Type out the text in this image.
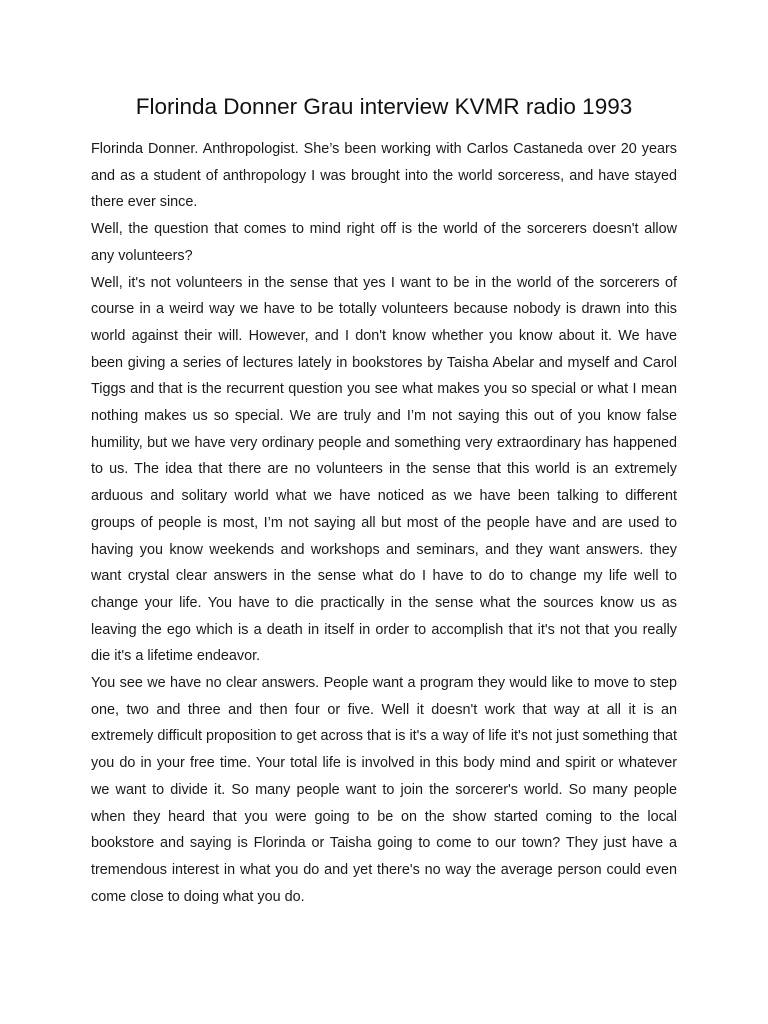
Florinda Donner Grau interview KVMR radio 1993

Florinda Donner. Anthropologist. She’s been working with Carlos Castaneda over 20 years and as a student of anthropology I was brought into the world sorceress, and have stayed there ever since.

Well, the question that comes to mind right off is the world of the sorcerers doesn't allow any volunteers?

Well, it's not volunteers in the sense that yes I want to be in the world of the sorcerers of course in a weird way we have to be totally volunteers because nobody is drawn into this world against their will. However, and I don't know whether you know about it. We have been giving a series of lectures lately in bookstores by Taisha Abelar and myself and Carol Tiggs and that is the recurrent question you see what makes you so special or what I mean nothing makes us so special. We are truly and I’m not saying this out of you know false humility, but we have very ordinary people and something very extraordinary has happened to us. The idea that there are no volunteers in the sense that this world is an extremely arduous and solitary world what we have noticed as we have been talking to different groups of people is most, I’m not saying all but most of the people have and are used to having you know weekends and workshops and seminars, and they want answers. they want crystal clear answers in the sense what do I have to do to change my life well to change your life. You have to die practically in the sense what the sources know us as leaving the ego which is a death in itself in order to accomplish that it's not that you really die it's a lifetime endeavor.

You see we have no clear answers. People want a program they would like to move to step one, two and three and then four or five. Well it doesn't work that way at all it is an extremely difficult proposition to get across that is it's a way of life it's not just something that you do in your free time. Your total life is involved in this body mind and spirit or whatever we want to divide it. So many people want to join the sorcerer's world. So many people when they heard that you were going to be on the show started coming to the local bookstore and saying is Florinda or Taisha going to come to our town? They just have a tremendous interest in what you do and yet there's no way the average person could even come close to doing what you do.
